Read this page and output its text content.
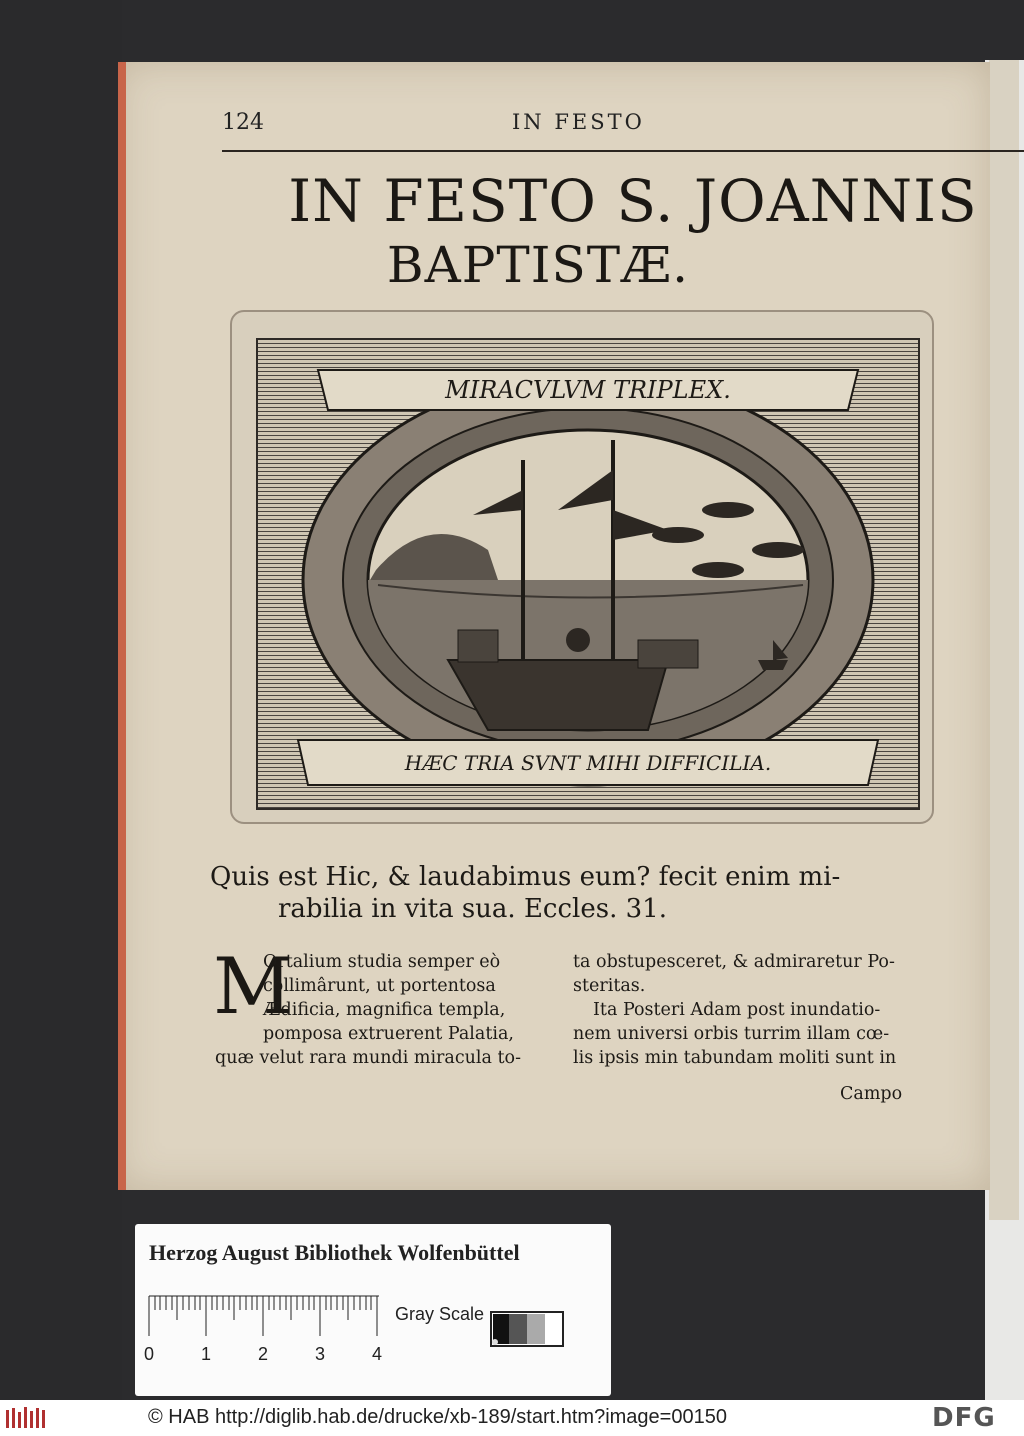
124	IN FESTO
IN FESTO S. JOANNIS
BAPTISTÆ.
MIRACVLVM TRIPLEX.
HÆC TRIA SVNT MIHI DIFFICILIA.
Quis est Hic, & laudabimus eum? fecit enim mi-
rabilia in vita sua. Eccles. 31.
M
Ortalium studia semper eò
collimârunt, ut portentosa
Ædificia, magnifica templa,
pomposa extruerent Palatia,
quæ velut rara mundi miracula to-
ta obstupesceret, & admiraretur Po-
steritas.
Ita Posteri Adam post inundatio-
nem universi orbis turrim illam cœ-
lis ipsis min tabundam moliti sunt in
Campo
Herzog August Bibliothek Wolfenbüttel
0	1	2	3	4
Gray Scale
© HAB http://diglib.hab.de/drucke/xb-189/start.htm?image=00150	DFG
